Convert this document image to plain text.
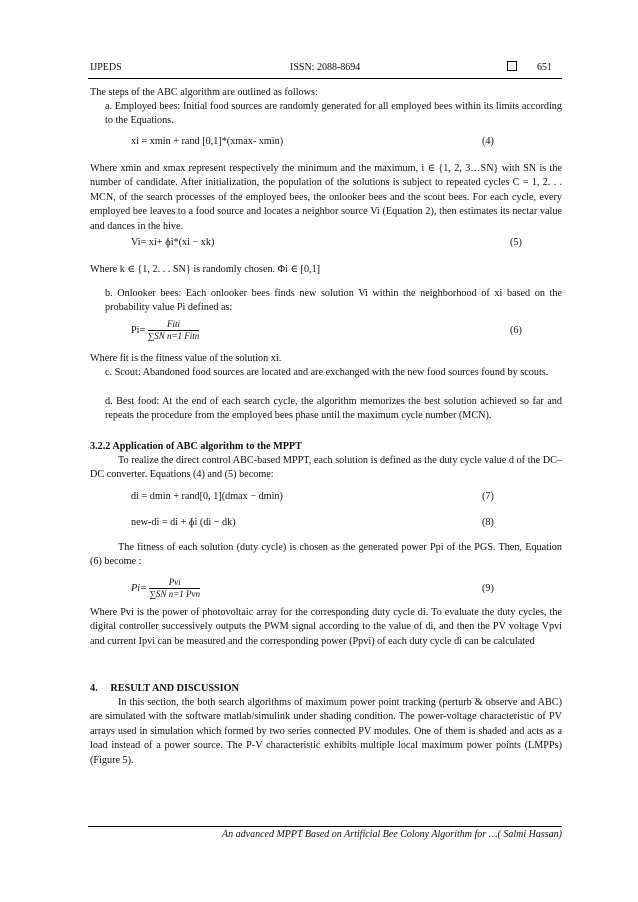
IJPEDS	ISSN: 2088-8694	651
The steps of the ABC algorithm are outlined as follows:
a. Employed bees: Initial food sources are randomly generated for all employed bees within its limits according to the Equations.
xi = xmin + rand [0,1]*(xmax- xmin)	(4)
Where xmin and xmax represent respectively the minimum and the maximum, i ∈ {1, 2, 3…SN} with SN is the number of candidate. After initialization, the population of the solutions is subject to repeated cycles C = 1, 2. . . MCN, of the search processes of the employed bees, the onlooker bees and the scout bees. For each cycle, every employed bee leaves to a food source and locates a neighbor source Vi (Equation 2), then estimates its nectar value and dances in the hive.
Vi= xi+ ɸi*(xi − xk)	(5)
Where k ∈ {1, 2. . . SN} is randomly chosen. Φi ∈ [0,1]
b. Onlooker bees: Each onlooker bees finds new solution Vi within the neighborhood of xi based on the probability value Pi defined as:
$Pi= \frac{\text{Fiti}}{\text{∑SN n=1 Fitn}}$	(6)
Where fit is the fitness value of the solution xi.
c. Scout: Abandoned food sources are located and are exchanged with the new food sources found by scouts.
d. Best food: At the end of each search cycle, the algorithm memorizes the best solution achieved so far and repeats the procedure from the employed bees phase until the maximum cycle number (MCN).
3.2.2 Application of ABC algorithm to the MPPT
To realize the direct control ABC-based MPPT, each solution is defined as the duty cycle value d of the DC–DC converter. Equations (4) and (5) become:
di = dmin + rand[0, 1](dmax − dmin)	(7)
new-di = di + ɸi (di − dk)	(8)
The fitness of each solution (duty cycle) is chosen as the generated power Ppi of the PGS. Then, Equation (6) become :
$Pi= \frac{\text{Pvi}}{\text{∑SN n=1 Pvn}}$	(9)
Where Pvi is the power of photovoltaic array for the corresponding duty cycle di. To evaluate the duty cycles, the digital controller successively outputs the PWM signal according to the value of di, and then the PV voltage Vpvi and current Ipvi can be measured and the corresponding power (Ppvi) of each duty cycle di can be calculated
4.     RESULT AND DISCUSSION
In this section, the both search algorithms of maximum power point tracking (perturb & observe and ABC) are simulated with the software matlab/simulink under shading condition. The power-voltage characteristic of PV arrays used in simulation which formed by two series connected PV modules. One of them is shaded and acts as a load instead of a power source. The P-V characteristic exhibits multiple local maximum power points (LMPPs) (Figure 5).
An advanced MPPT Based on Artificial Bee Colony Algorithm for …( Salmi Hassan)
